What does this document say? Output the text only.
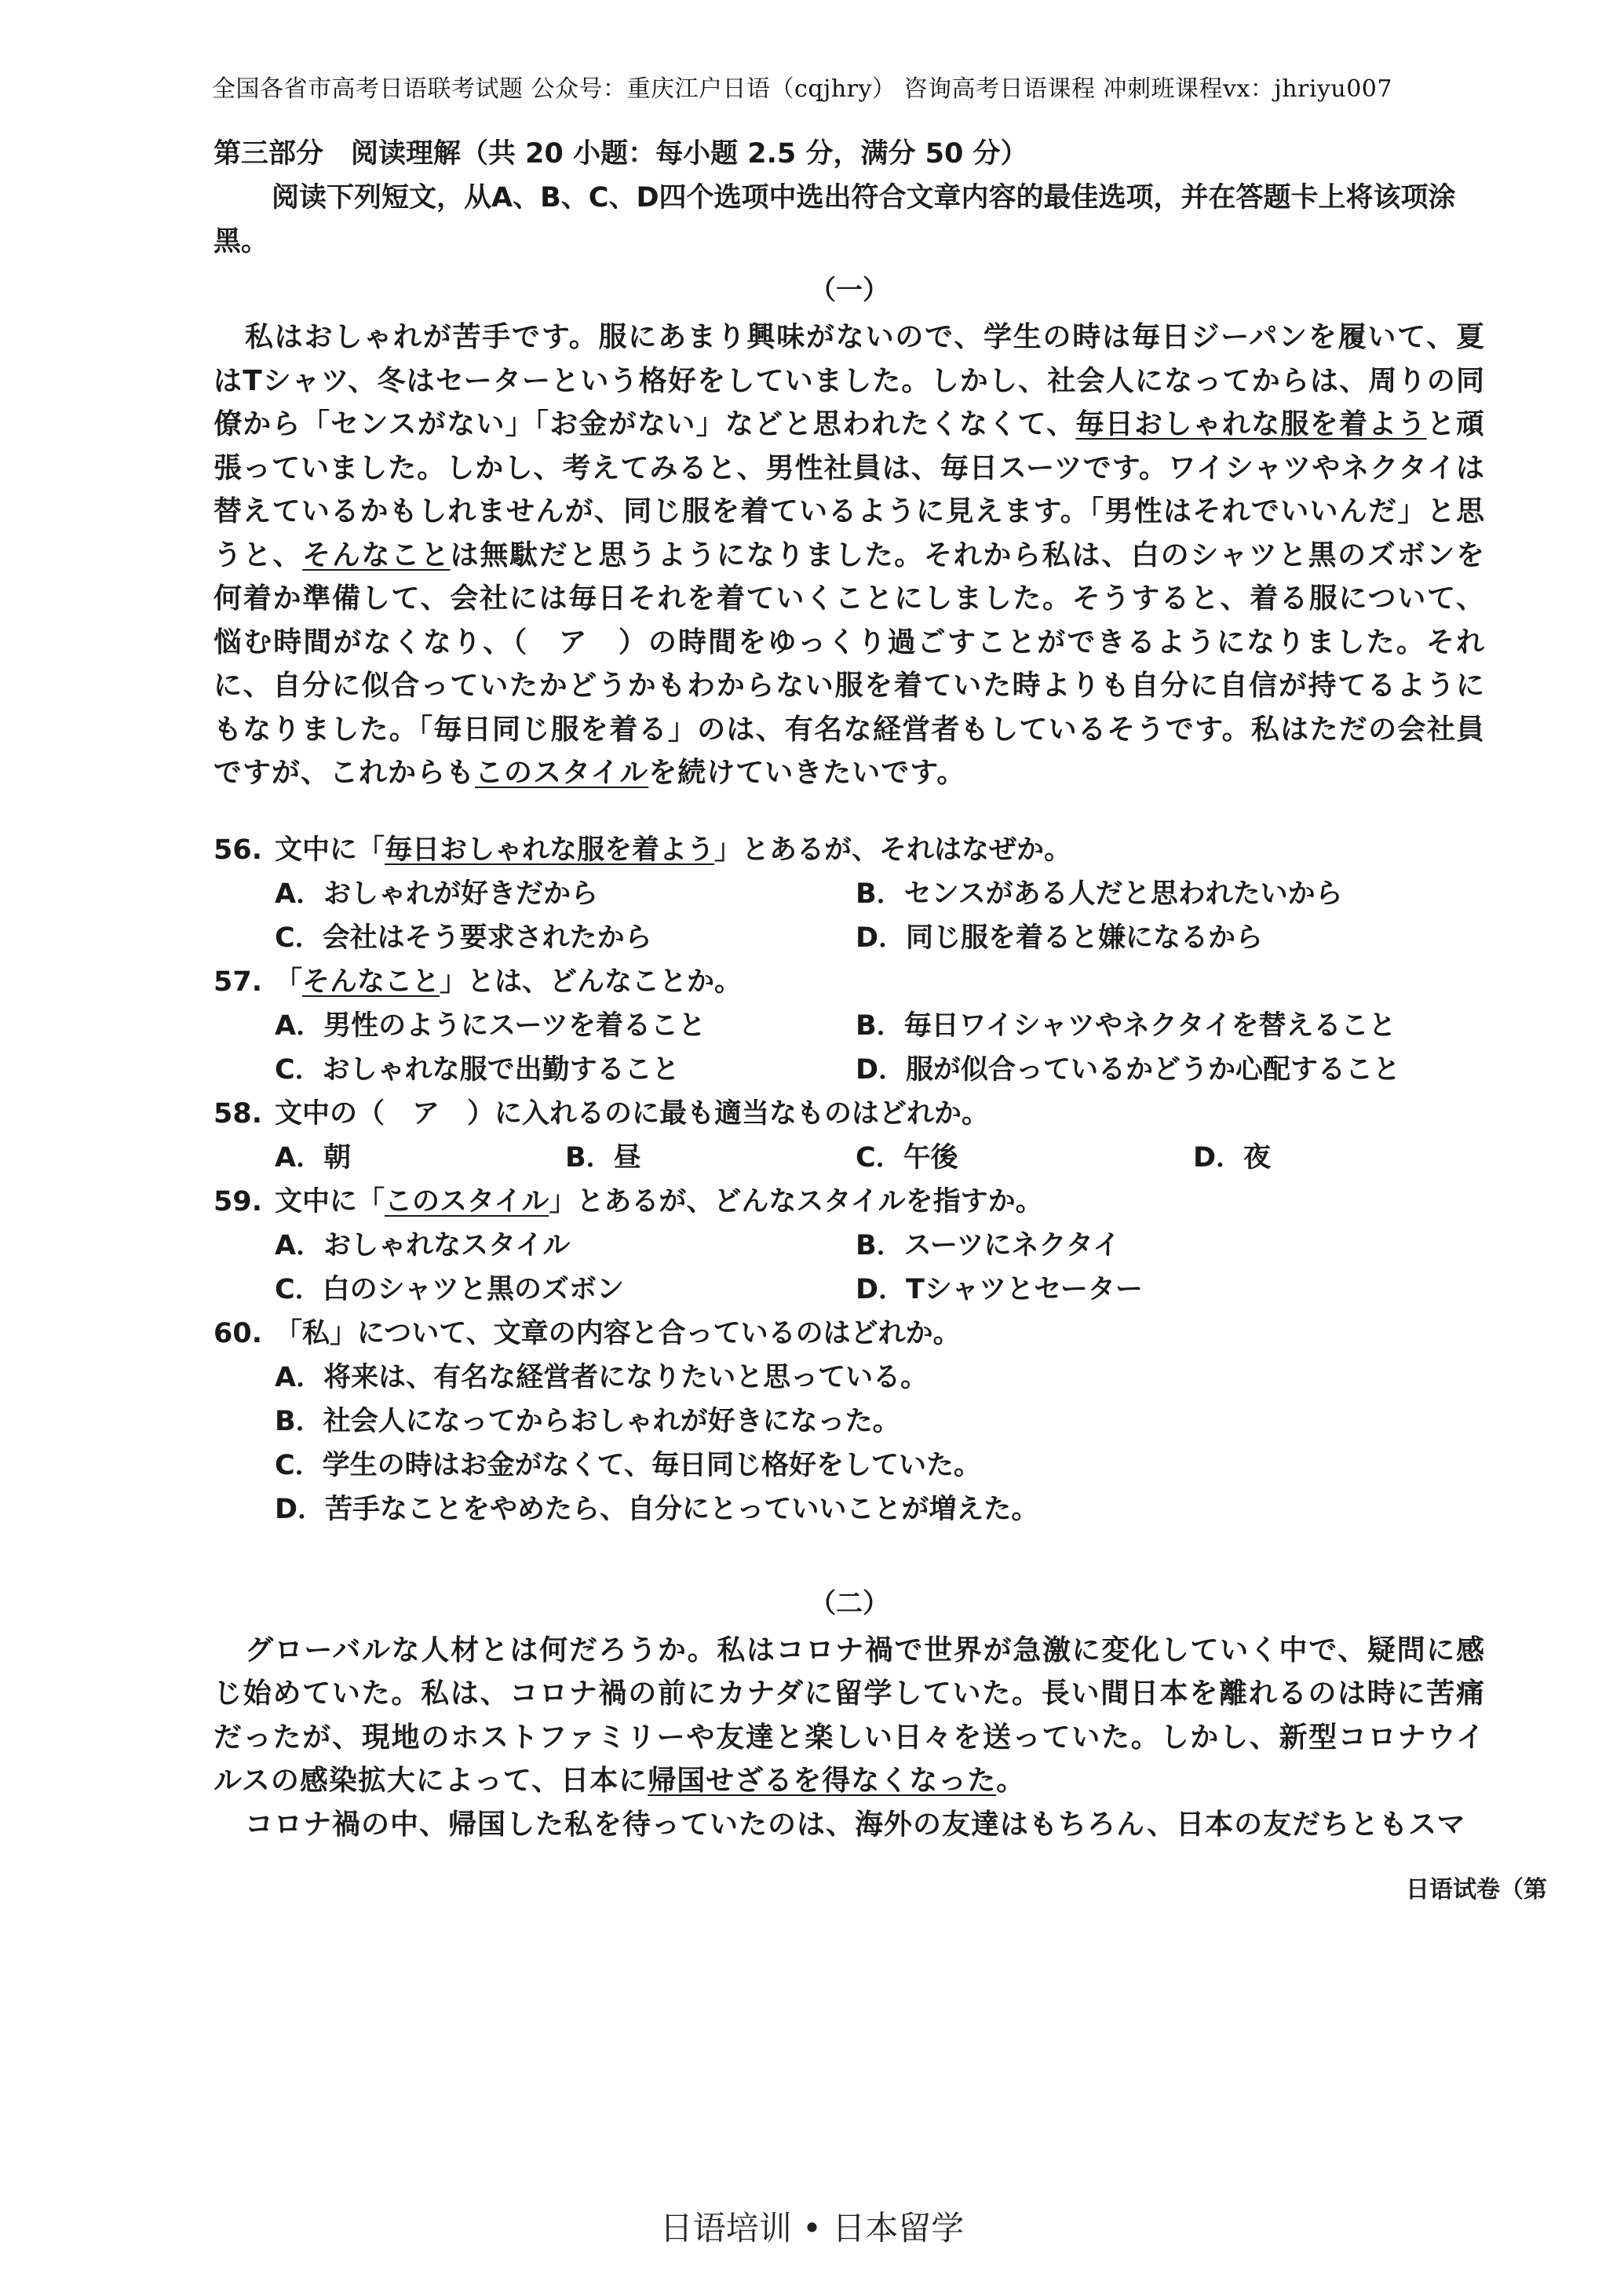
全国各省市高考日语联考试题 公众号：重庆江户日语（cqjhry） 咨询高考日语课程 冲刺班课程vx：jhriyu007
第三部分　阅读理解（共 20 小题：每小题 2.5 分，满分 50 分）

阅读下列短文，从A、B、C、D四个选项中选出符合文章内容的最佳选项，并在答题卡上将该项涂黑。

（一）

私はおしゃれが苦手です。服にあまり興味がないので、学生の時は毎日ジーパンを履いて、夏はTシャツ、冬はセーターという格好をしていました。しかし、社会人になってからは、周りの同僚から「センスがない」「お金がない」などと思われたくなくて、毎日おしゃれな服を着ようと頑張っていました。しかし、考えてみると、男性社員は、毎日スーツです。ワイシャツやネクタイは替えているかもしれませんが、同じ服を着ているように見えます。「男性はそれでいいんだ」と思うと、そんなことは無駄だと思うようになりました。それから私は、白のシャツと黒のズボンを何着か準備して、会社には毎日それを着ていくことにしました。そうすると、着る服について、悩む時間がなくなり、（　ア　）の時間をゆっくり過ごすことができるようになりました。それに、自分に似合っていたかどうかもわからない服を着ていた時よりも自分に自信が持てるようにもなりました。「毎日同じ服を着る」のは、有名な経営者もしているそうです。私はただの会社員ですが、これからもこのスタイルを続けていきたいです。

56. 文中に「毎日おしゃれな服を着よう」とあるが、それはなぜか。
A．おしゃれが好きだから	B．センスがある人だと思われたいから
C．会社はそう要求されたから	D．同じ服を着ると嫌になるから
57. 「そんなこと」とは、どんなことか。
A．男性のようにスーツを着ること	B．毎日ワイシャツやネクタイを替えること
C．おしゃれな服で出勤すること	D．服が似合っているかどうか心配すること
58. 文中の（　ア　）に入れるのに最も適当なものはどれか。
A．朝	B．昼	C．午後	D．夜
59. 文中に「このスタイル」とあるが、どんなスタイルを指すか。
A．おしゃれなスタイル	B．スーツにネクタイ
C．白のシャツと黒のズボン	D．Tシャツとセーター
60. 「私」について、文章の内容と合っているのはどれか。
A．将来は、有名な経営者になりたいと思っている。
B．社会人になってからおしゃれが好きになった。
C．学生の時はお金がなくて、毎日同じ格好をしていた。
D．苦手なことをやめたら、自分にとっていいことが増えた。
（二）

グローバルな人材とは何だろうか。私はコロナ禍で世界が急激に変化していく中で、疑問に感じ始めていた。私は、コロナ禍の前にカナダに留学していた。長い間日本を離れるのは時に苦痛だったが、現地のホストファミリーや友達と楽しい日々を送っていた。しかし、新型コロナウイルスの感染拡大によって、日本に帰国せざるを得なくなった。

コロナ禍の中、帰国した私を待っていたのは、海外の友達はもちろん、日本の友だちともスマ

日语试卷（第
日语培训 • 日本留学
